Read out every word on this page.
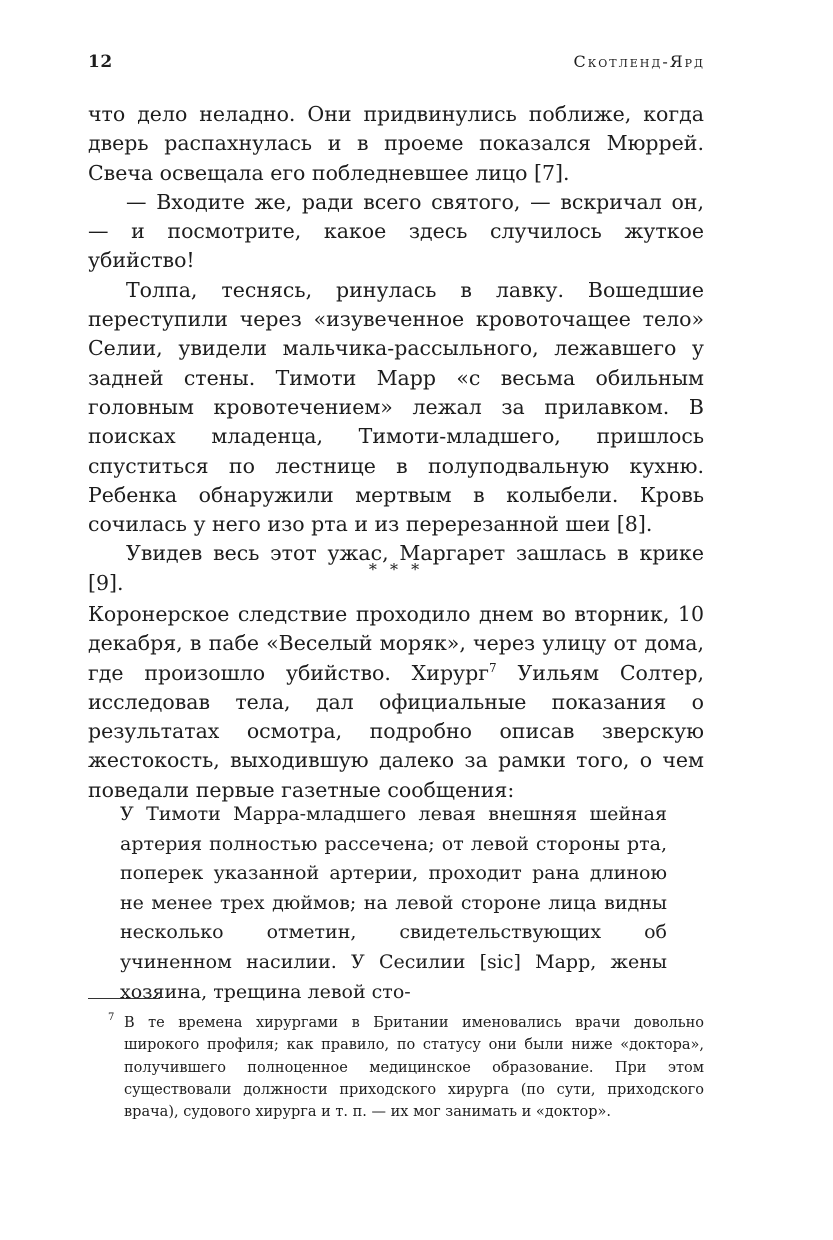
12	Скотленд-Ярд

что дело неладно. Они придвинулись поближе, когда дверь распахнулась и в проеме показался Мюррей. Свеча освещала его побледневшее лицо [7].

— Входите же, ради всего святого, — вскричал он, — и посмотрите, какое здесь случилось жуткое убийство!

Толпа, теснясь, ринулась в лавку. Вошедшие переступили через «изувеченное кровоточащее тело» Селии, увидели мальчика-рассыльного, лежавшего у задней стены. Тимоти Марр «с весьма обильным головным кровотечением» лежал за прилавком. В поисках младенца, Тимоти-младшего, пришлось спуститься по лестнице в полуподвальную кухню. Ребенка обнаружили мертвым в колыбели. Кровь сочилась у него изо рта и из перерезанной шеи [8].

Увидев весь этот ужас, Маргарет зашлась в крике [9].

* * *

Коронерское следствие проходило днем во вторник, 10 декабря, в пабе «Веселый моряк», через улицу от дома, где произошло убийство. Хирург$^7$ Уильям Солтер, исследовав тела, дал официальные показания о результатах осмотра, подробно описав зверскую жестокость, выходившую далеко за рамки того, о чем поведали первые газетные сообщения:

У Тимоти Марра-младшего левая внешняя шейная артерия полностью рассечена; от левой стороны рта, поперек указанной артерии, проходит рана длиною не менее трех дюймов; на левой стороне лица видны несколько отметин, свидетельствующих об учиненном насилии. У Сесилии [sic] Марр, жены хозяина, трещина левой сто-

7 В те времена хирургами в Британии именовались врачи довольно широкого профиля; как правило, по статусу они были ниже «доктора», получившего полноценное медицинское образование. При этом существовали должности приходского хирурга (по сути, приходского врача), судового хирурга и т. п. — их мог занимать и «доктор».
